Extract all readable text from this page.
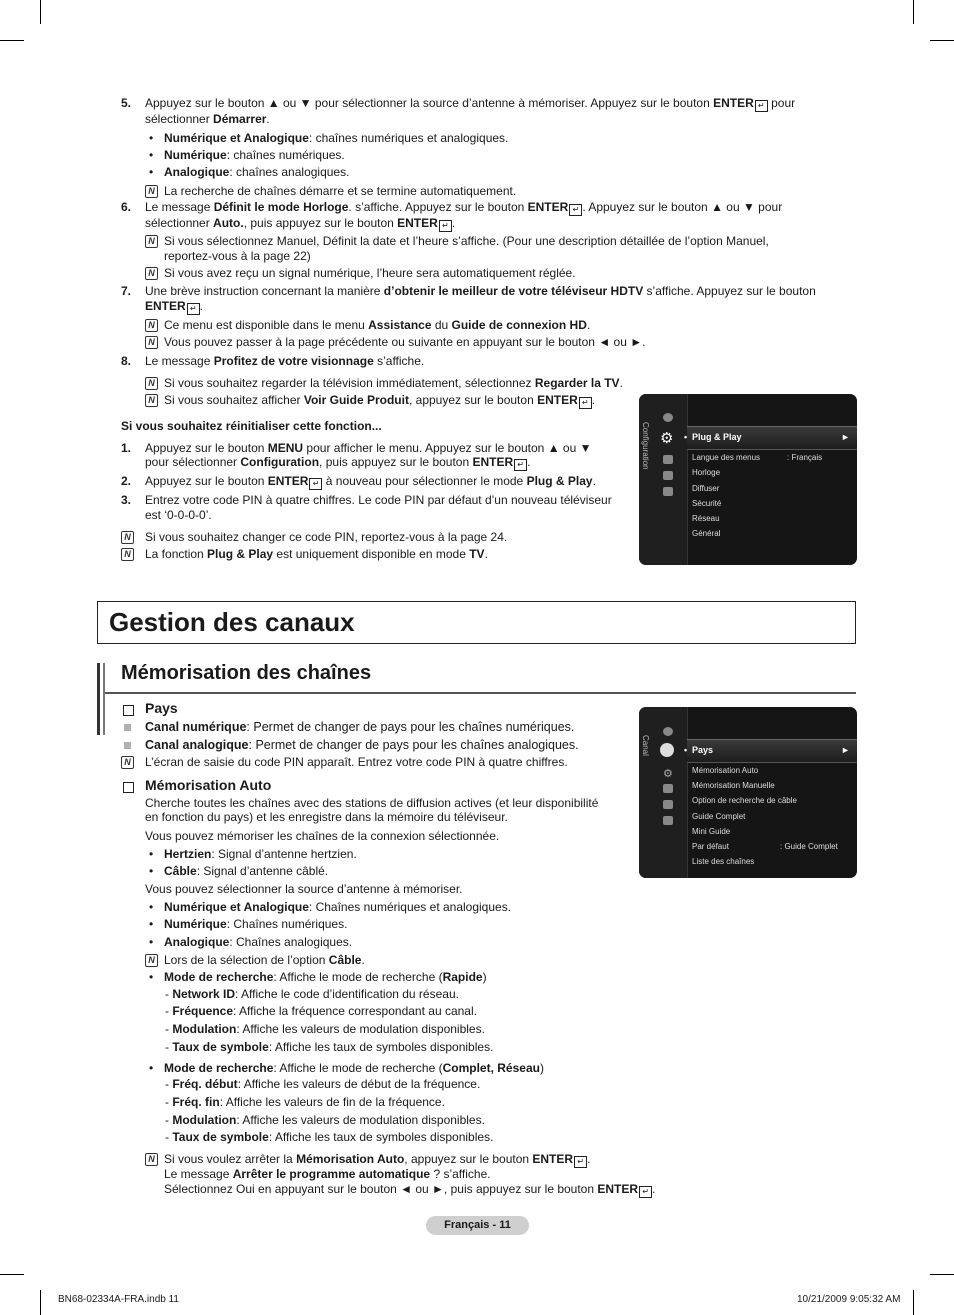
5. Appuyez sur le bouton ▲ ou ▼ pour sélectionner la source d’antenne à mémoriser. Appuyez sur le bouton ENTER ↵ pour
sélectionner Démarrer.
• Numérique et Analogique: chaînes numériques et analogiques.
• Numérique: chaînes numériques.
• Analogique: chaînes analogiques.
N La recherche de chaînes démarre et se termine automatiquement.
6. Le message Définit le mode Horloge. s’affiche. Appuyez sur le bouton ENTER ↵ . Appuyez sur le bouton ▲ ou ▼ pour
sélectionner Auto., puis appuyez sur le bouton ENTER ↵ .
N Si vous sélectionnez Manuel, Définit la date et l’heure s’affiche. (Pour une description détaillée de l’option Manuel,
reportez-vous à la page 22)
N Si vous avez reçu un signal numérique, l’heure sera automatiquement réglée.
7. Une brève instruction concernant la manière d’obtenir le meilleur de votre téléviseur HDTV s’affiche. Appuyez sur le bouton
ENTER ↵ .
N Ce menu est disponible dans le menu Assistance du Guide de connexion HD.
N Vous pouvez passer à la page précédente ou suivante en appuyant sur le bouton ◄ ou ►.
8. Le message Profitez de votre visionnage s’affiche.
N Si vous souhaitez regarder la télévision immédiatement, sélectionnez Regarder la TV.
N Si vous souhaitez afficher Voir Guide Produit, appuyez sur le bouton ENTER ↵ .
Si vous souhaitez réinitialiser cette fonction...
1. Appuyez sur le bouton MENU pour afficher le menu. Appuyez sur le bouton ▲ ou ▼
pour sélectionner Configuration, puis appuyez sur le bouton ENTER ↵ .
2. Appuyez sur le bouton ENTER ↵ à nouveau pour sélectionner le mode Plug & Play.
3. Entrez votre code PIN à quatre chiffres. Le code PIN par défaut d’un nouveau téléviseur
est ‘0-0-0-0’.
N Si vous souhaitez changer ce code PIN, reportez-vous à la page 24.
N La fonction Plug & Play est uniquement disponible en mode TV.
Configuration ⚙ • Plug & Play	►
Langue des menus	: Français
Horloge
Diffuser
Sécurité
Réseau
Général
Gestion des canaux
Mémorisation des chaînes
Pays
Canal numérique: Permet de changer de pays pour les chaînes numériques.
Canal analogique: Permet de changer de pays pour les chaînes analogiques.
N L’écran de saisie du code PIN apparaît. Entrez votre code PIN à quatre chiffres.
Mémorisation Auto
Cherche toutes les chaînes avec des stations de diffusion actives (et leur disponibilité
en fonction du pays) et les enregistre dans la mémoire du téléviseur.
Vous pouvez mémoriser les chaînes de la connexion sélectionnée.
• Hertzien: Signal d’antenne hertzien.
• Câble: Signal d’antenne câblé.
Vous pouvez sélectionner la source d’antenne à mémoriser.
• Numérique et Analogique: Chaînes numériques et analogiques.
• Numérique: Chaînes numériques.
• Analogique: Chaînes analogiques.
N Lors de la sélection de l’option Câble.
• Mode de recherche: Affiche le mode de recherche (Rapide)
- Network ID: Affiche le code d’identification du réseau.
- Fréquence: Affiche la fréquence correspondant au canal.
- Modulation: Affiche les valeurs de modulation disponibles.
- Taux de symbole: Affiche les taux de symboles disponibles.
• Mode de recherche: Affiche le mode de recherche (Complet, Réseau)
- Fréq. début: Affiche les valeurs de début de la fréquence.
- Fréq. fin: Affiche les valeurs de fin de la fréquence.
- Modulation: Affiche les valeurs de modulation disponibles.
- Taux de symbole: Affiche les taux de symboles disponibles.
N Si vous voulez arrêter la Mémorisation Auto, appuyez sur le bouton ENTER ↵ .
Le message Arrêter le programme automatique ? s’affiche.
Sélectionnez Oui en appuyant sur le bouton ◄ ou ►, puis appuyez sur le bouton ENTER ↵ .
Canal
⚙
• Pays	►
Mémorisation Auto
Mémorisation Manuelle
Option de recherche de câble
Guide Complet
Mini Guide
Par défaut	: Guide Complet
Liste des chaînes
Français - 11
BN68-02334A-FRA.indb 11	10/21/2009 9:05:32 AM
